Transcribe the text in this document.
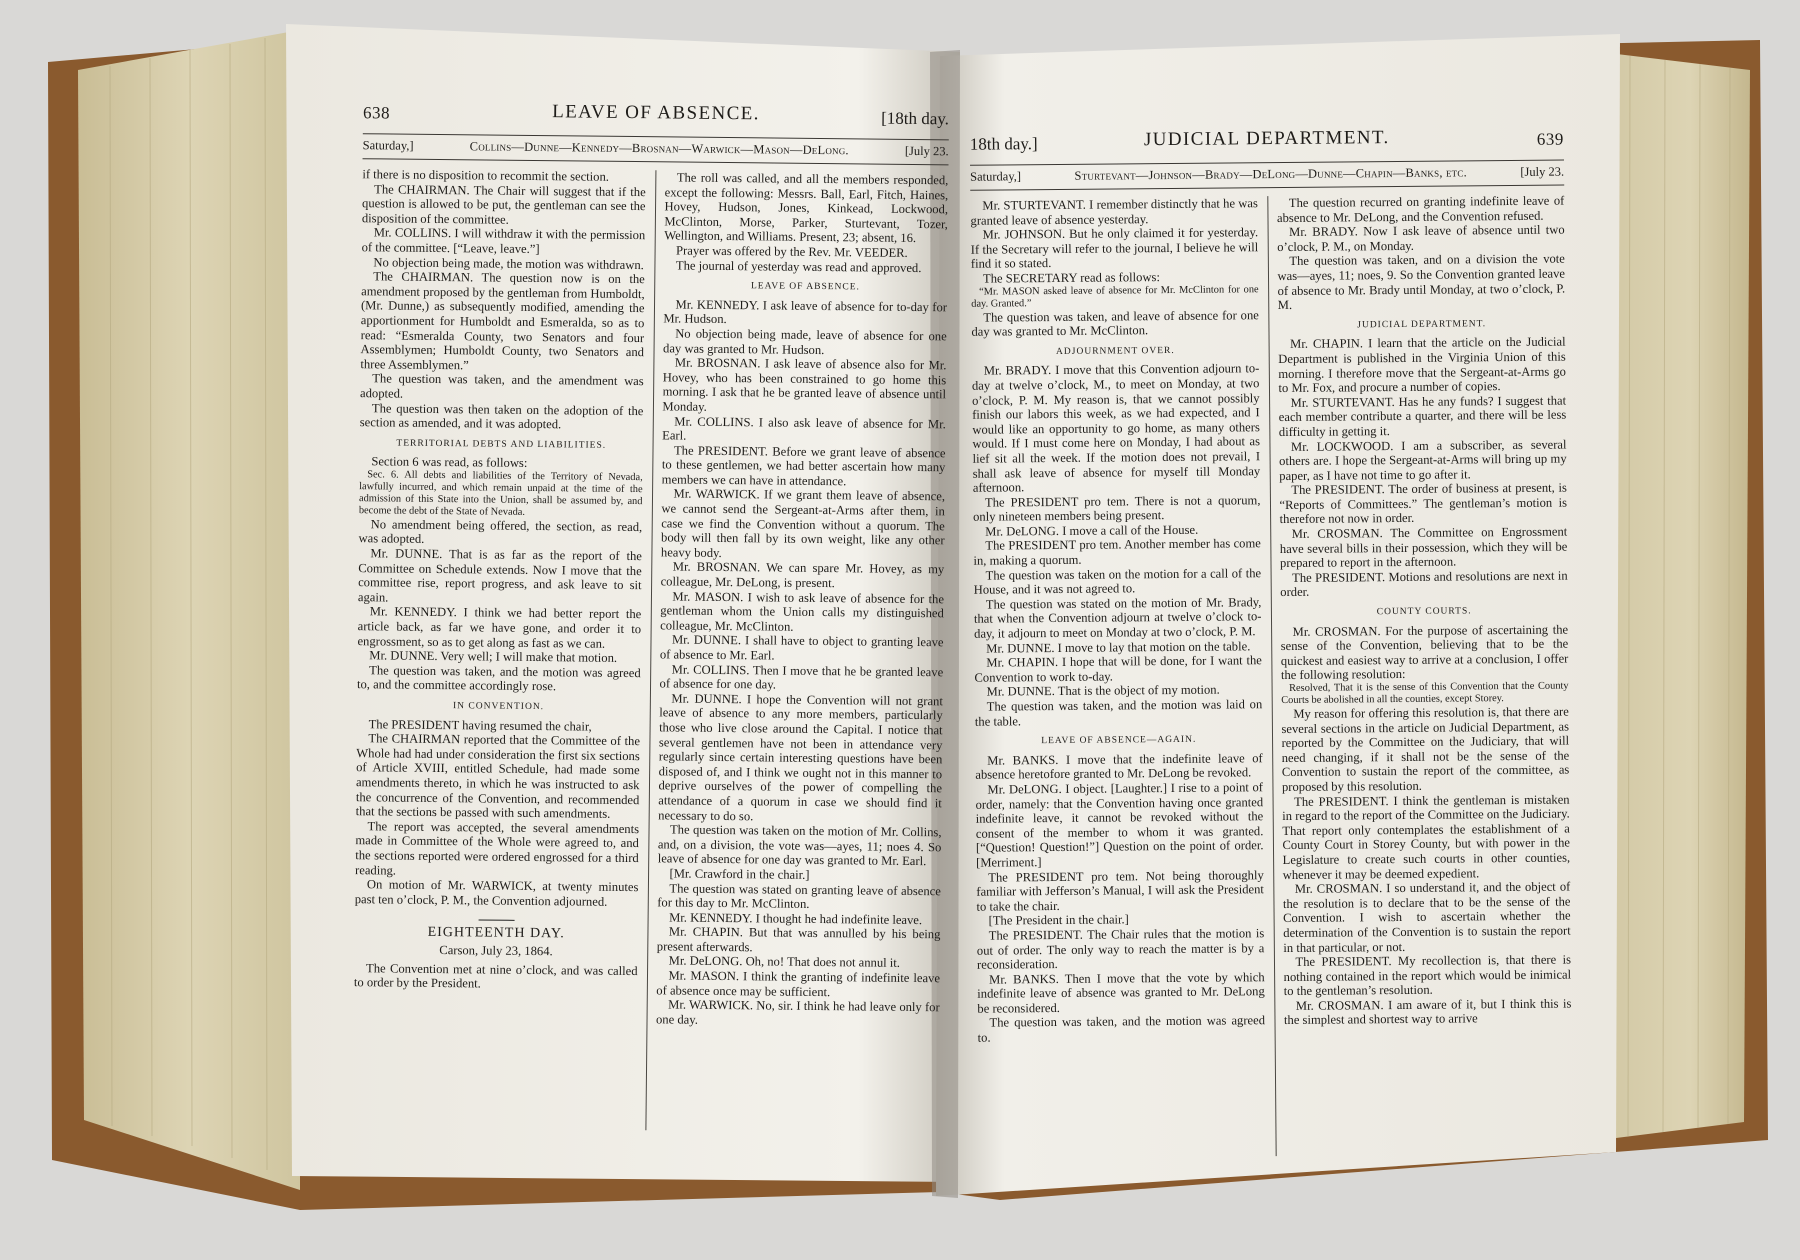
638	LEAVE OF ABSENCE.	[18th day.
Saturday,]	Collins—Dunne—Kennedy—Brosnan—Warwick—Mason—DeLong.	[July 23.

if there is no disposition to recommit the section.

The CHAIRMAN. The Chair will suggest that if the question is allowed to be put, the gentleman can see the disposition of the committee.

Mr. COLLINS. I will withdraw it with the permission of the committee. [“Leave, leave.”]

No objection being made, the motion was withdrawn.

The CHAIRMAN. The question now is on the amendment proposed by the gentleman from Humboldt, (Mr. Dunne,) as subsequently modified, amending the apportionment for Humboldt and Esmeralda, so as to read: “Esmeralda County, two Senators and four Assemblymen; Humboldt County, two Senators and three Assemblymen.”

The question was taken, and the amendment was adopted.

The question was then taken on the adoption of the section as amended, and it was adopted.

TERRITORIAL DEBTS AND LIABILITIES.

Section 6 was read, as follows:

Sec. 6. All debts and liabilities of the Territory of Nevada, lawfully incurred, and which remain unpaid at the time of the admission of this State into the Union, shall be assumed by, and become the debt of the State of Nevada.

No amendment being offered, the section, as read, was adopted.

Mr. DUNNE. That is as far as the report of the Committee on Schedule extends. Now I move that the committee rise, report progress, and ask leave to sit again.

Mr. KENNEDY. I think we had better report the article back, as far we have gone, and order it to engrossment, so as to get along as fast as we can.

Mr. DUNNE. Very well; I will make that motion.

The question was taken, and the motion was agreed to, and the committee accordingly rose.

IN CONVENTION.

The PRESIDENT having resumed the chair,

The CHAIRMAN reported that the Committee of the Whole had had under consideration the first six sections of Article XVIII, entitled Schedule, had made some amendments thereto, in which he was instructed to ask the concurrence of the Convention, and recommended that the sections be passed with such amendments.

The report was accepted, the several amendments made in Committee of the Whole were agreed to, and the sections reported were ordered engrossed for a third reading.

On motion of Mr. WARWICK, at twenty minutes past ten o’clock, P. M., the Convention adjourned.

EIGHTEENTH DAY.
Carson, July 23, 1864.

The Convention met at nine o’clock, and was called to order by the President.

The roll was called, and all the members responded, except the following: Messrs. Ball, Earl, Fitch, Haines, Hovey, Hudson, Jones, Kinkead, Lockwood, McClinton, Morse, Parker, Sturtevant, Tozer, Wellington, and Williams. Present, 23; absent, 16.

Prayer was offered by the Rev. Mr. VEEDER.

The journal of yesterday was read and approved.

LEAVE OF ABSENCE.

Mr. KENNEDY. I ask leave of absence for to-day for Mr. Hudson.

No objection being made, leave of absence for one day was granted to Mr. Hudson.

Mr. BROSNAN. I ask leave of absence also for Mr. Hovey, who has been constrained to go home this morning. I ask that he be granted leave of absence until Monday.

Mr. COLLINS. I also ask leave of absence for Mr. Earl.

The PRESIDENT. Before we grant leave of absence to these gentlemen, we had better ascertain how many members we can have in attendance.

Mr. WARWICK. If we grant them leave of absence, we cannot send the Sergeant-at-Arms after them, in case we find the Convention without a quorum. The body will then fall by its own weight, like any other heavy body.

Mr. BROSNAN. We can spare Mr. Hovey, as my colleague, Mr. DeLong, is present.

Mr. MASON. I wish to ask leave of absence for the gentleman whom the Union calls my distinguished colleague, Mr. McClinton.

Mr. DUNNE. I shall have to object to granting leave of absence to Mr. Earl.

Mr. COLLINS. Then I move that he be granted leave of absence for one day.

Mr. DUNNE. I hope the Convention will not grant leave of absence to any more members, particularly those who live close around the Capital. I notice that several gentlemen have not been in attendance very regularly since certain interesting questions have been disposed of, and I think we ought not in this manner to deprive ourselves of the power of compelling the attendance of a quorum in case we should find it necessary to do so.

The question was taken on the motion of Mr. Collins, and, on a division, the vote was—ayes, 11; noes 4. So leave of absence for one day was granted to Mr. Earl.

[Mr. Crawford in the chair.]

The question was stated on granting leave of absence for this day to Mr. McClinton.

Mr. KENNEDY. I thought he had indefinite leave.

Mr. CHAPIN. But that was annulled by his being present afterwards.

Mr. DeLONG. Oh, no! That does not annul it.

Mr. MASON. I think the granting of indefinite leave of absence once may be sufficient.

Mr. WARWICK. No, sir. I think he had leave only for one day.

18th day.]	JUDICIAL DEPARTMENT.	639
Saturday,]	Sturtevant—Johnson—Brady—DeLong—Dunne—Chapin—Banks, etc.	[July 23.

Mr. STURTEVANT. I remember distinctly that he was granted leave of absence yesterday.

Mr. JOHNSON. But he only claimed it for yesterday. If the Secretary will refer to the journal, I believe he will find it so stated.

The SECRETARY read as follows:

“Mr. MASON asked leave of absence for Mr. McClinton for one day. Granted.”

The question was taken, and leave of absence for one day was granted to Mr. McClinton.

ADJOURNMENT OVER.

Mr. BRADY. I move that this Convention adjourn to-day at twelve o’clock, M., to meet on Monday, at two o’clock, P. M. My reason is, that we cannot possibly finish our labors this week, as we had expected, and I would like an opportunity to go home, as many others would. If I must come here on Monday, I had about as lief sit all the week. If the motion does not prevail, I shall ask leave of absence for myself till Monday afternoon.

The PRESIDENT pro tem. There is not a quorum, only nineteen members being present.

Mr. DeLONG. I move a call of the House.

The PRESIDENT pro tem. Another member has come in, making a quorum.

The question was taken on the motion for a call of the House, and it was not agreed to.

The question was stated on the motion of Mr. Brady, that when the Convention adjourn at twelve o’clock to-day, it adjourn to meet on Monday at two o’clock, P. M.

Mr. DUNNE. I move to lay that motion on the table.

Mr. CHAPIN. I hope that will be done, for I want the Convention to work to-day.

Mr. DUNNE. That is the object of my motion.

The question was taken, and the motion was laid on the table.

LEAVE OF ABSENCE—AGAIN.

Mr. BANKS. I move that the indefinite leave of absence heretofore granted to Mr. DeLong be revoked.

Mr. DeLONG. I object. [Laughter.] I rise to a point of order, namely: that the Convention having once granted indefinite leave, it cannot be revoked without the consent of the member to whom it was granted. [“Question! Question!”] Question on the point of order. [Merriment.]

The PRESIDENT pro tem. Not being thoroughly familiar with Jefferson’s Manual, I will ask the President to take the chair.

[The President in the chair.]

The PRESIDENT. The Chair rules that the motion is out of order. The only way to reach the matter is by a reconsideration.

Mr. BANKS. Then I move that the vote by which indefinite leave of absence was granted to Mr. DeLong be reconsidered.

The question was taken, and the motion was agreed to.

The question recurred on granting indefinite leave of absence to Mr. DeLong, and the Convention refused.

Mr. BRADY. Now I ask leave of absence until two o’clock, P. M., on Monday.

The question was taken, and on a division the vote was—ayes, 11; noes, 9. So the Convention granted leave of absence to Mr. Brady until Monday, at two o’clock, P. M.

JUDICIAL DEPARTMENT.

Mr. CHAPIN. I learn that the article on the Judicial Department is published in the Virginia Union of this morning. I therefore move that the Sergeant-at-Arms go to Mr. Fox, and procure a number of copies.

Mr. STURTEVANT. Has he any funds? I suggest that each member contribute a quarter, and there will be less difficulty in getting it.

Mr. LOCKWOOD. I am a subscriber, as several others are. I hope the Sergeant-at-Arms will bring up my paper, as I have not time to go after it.

The PRESIDENT. The order of business at present, is “Reports of Committees.” The gentleman’s motion is therefore not now in order.

Mr. CROSMAN. The Committee on Engrossment have several bills in their possession, which they will be prepared to report in the afternoon.

The PRESIDENT. Motions and resolutions are next in order.

COUNTY COURTS.

Mr. CROSMAN. For the purpose of ascertaining the sense of the Convention, believing that to be the quickest and easiest way to arrive at a conclusion, I offer the following resolution:

Resolved, That it is the sense of this Convention that the County Courts be abolished in all the counties, except Storey.

My reason for offering this resolution is, that there are several sections in the article on Judicial Department, as reported by the Committee on the Judiciary, that will need changing, if it shall not be the sense of the Convention to sustain the report of the committee, as proposed by this resolution.

The PRESIDENT. I think the gentleman is mistaken in regard to the report of the Committee on the Judiciary. That report only contemplates the establishment of a County Court in Storey County, but with power in the Legislature to create such courts in other counties, whenever it may be deemed expedient.

Mr. CROSMAN. I so understand it, and the object of the resolution is to declare that to be the sense of the Convention. I wish to ascertain whether the determination of the Convention is to sustain the report in that particular, or not.

The PRESIDENT. My recollection is, that there is nothing contained in the report which would be inimical to the gentleman’s resolution.

Mr. CROSMAN. I am aware of it, but I think this is the simplest and shortest way to arrive
